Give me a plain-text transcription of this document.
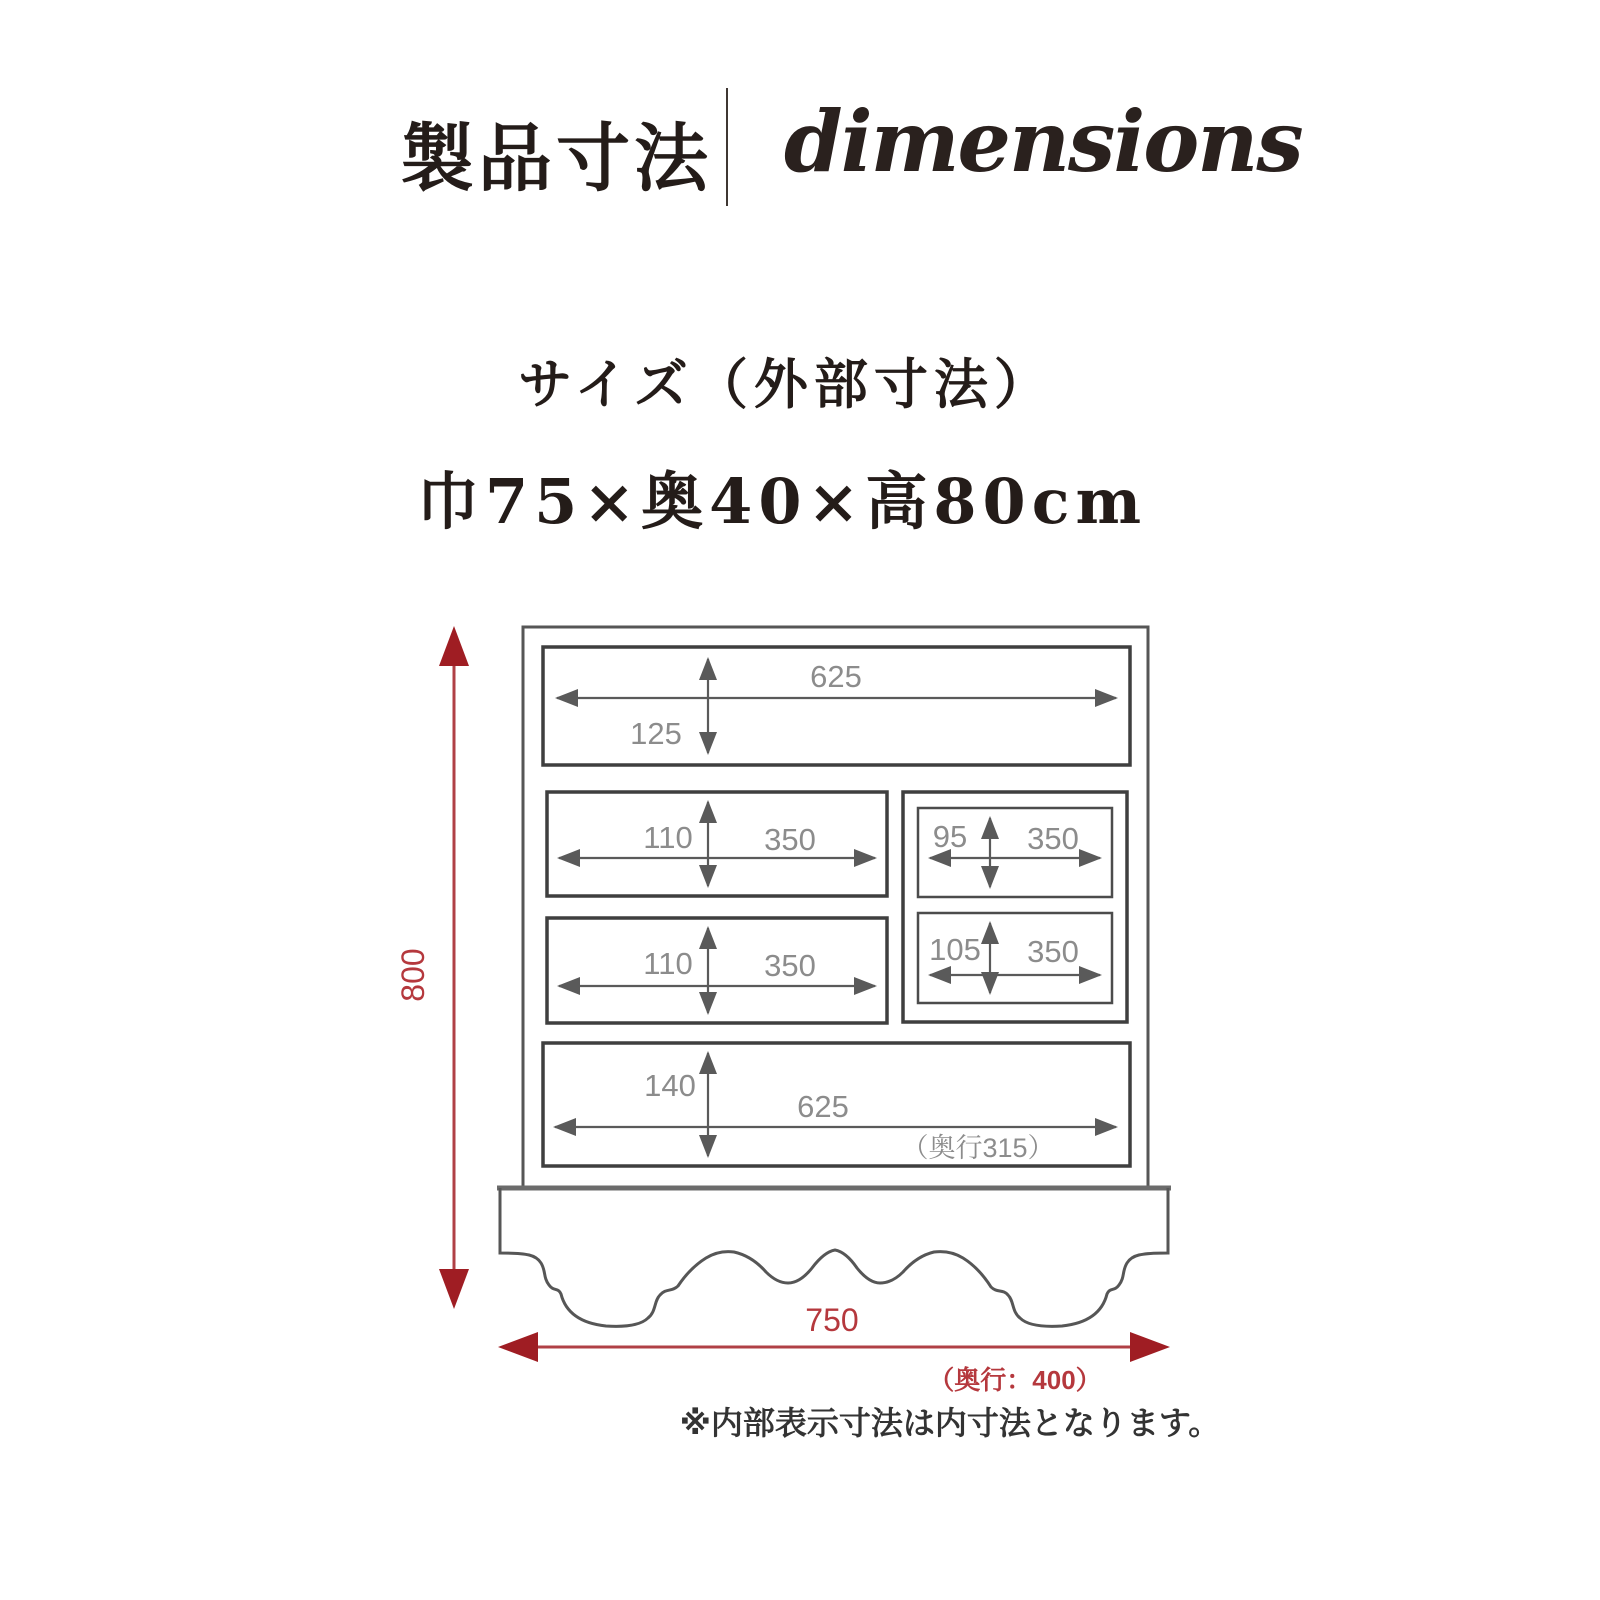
製品寸法 dimensions
サイズ（外部寸法）
巾75×奥40×高80cm
625
125
110 350
110 350
95 350
105 350
140
625
（奥行315）
800
750
（奥行：400）
※内部表示寸法は内寸法となります。
